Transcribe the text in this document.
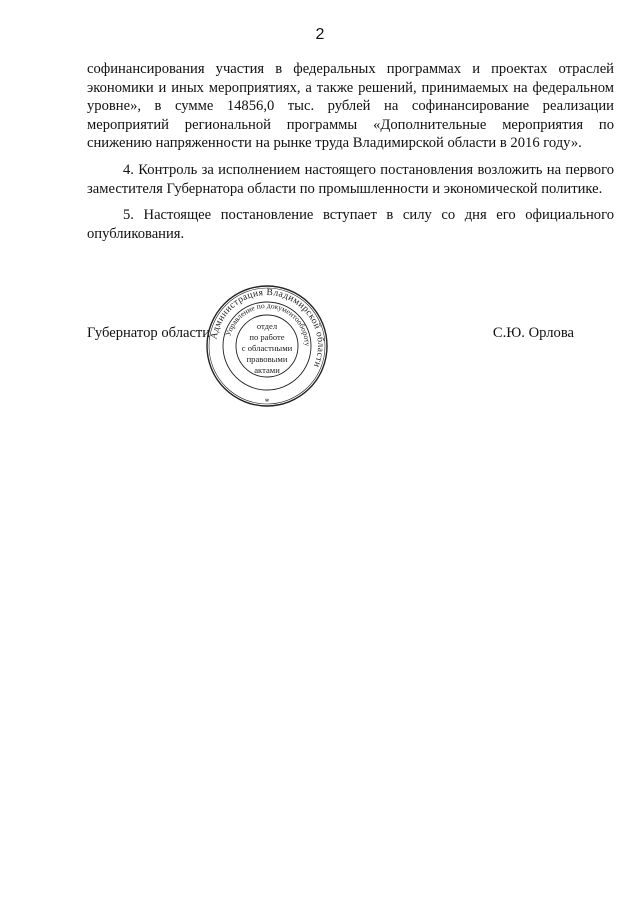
2

софинансирования участия в федеральных программах и проектах отраслей экономики и иных мероприятиях, а также решений, принимаемых на федеральном уровне», в сумме 14856,0 тыс. рублей на софинансирование реализации мероприятий региональной программы «Дополнительные мероприятия по снижению напряженности на рынке труда Владимирской области в 2016 году».

4. Контроль за исполнением настоящего постановления возложить на первого заместителя Губернатора области по промышленности и экономической политике.

5. Настоящее постановление вступает в силу со дня его официального опубликования.

Губернатор области	С.Ю. Орлова
Администрация Владимирской области
Управление по документообороту
отдел
по работе
с областными
правовыми
актами
*
